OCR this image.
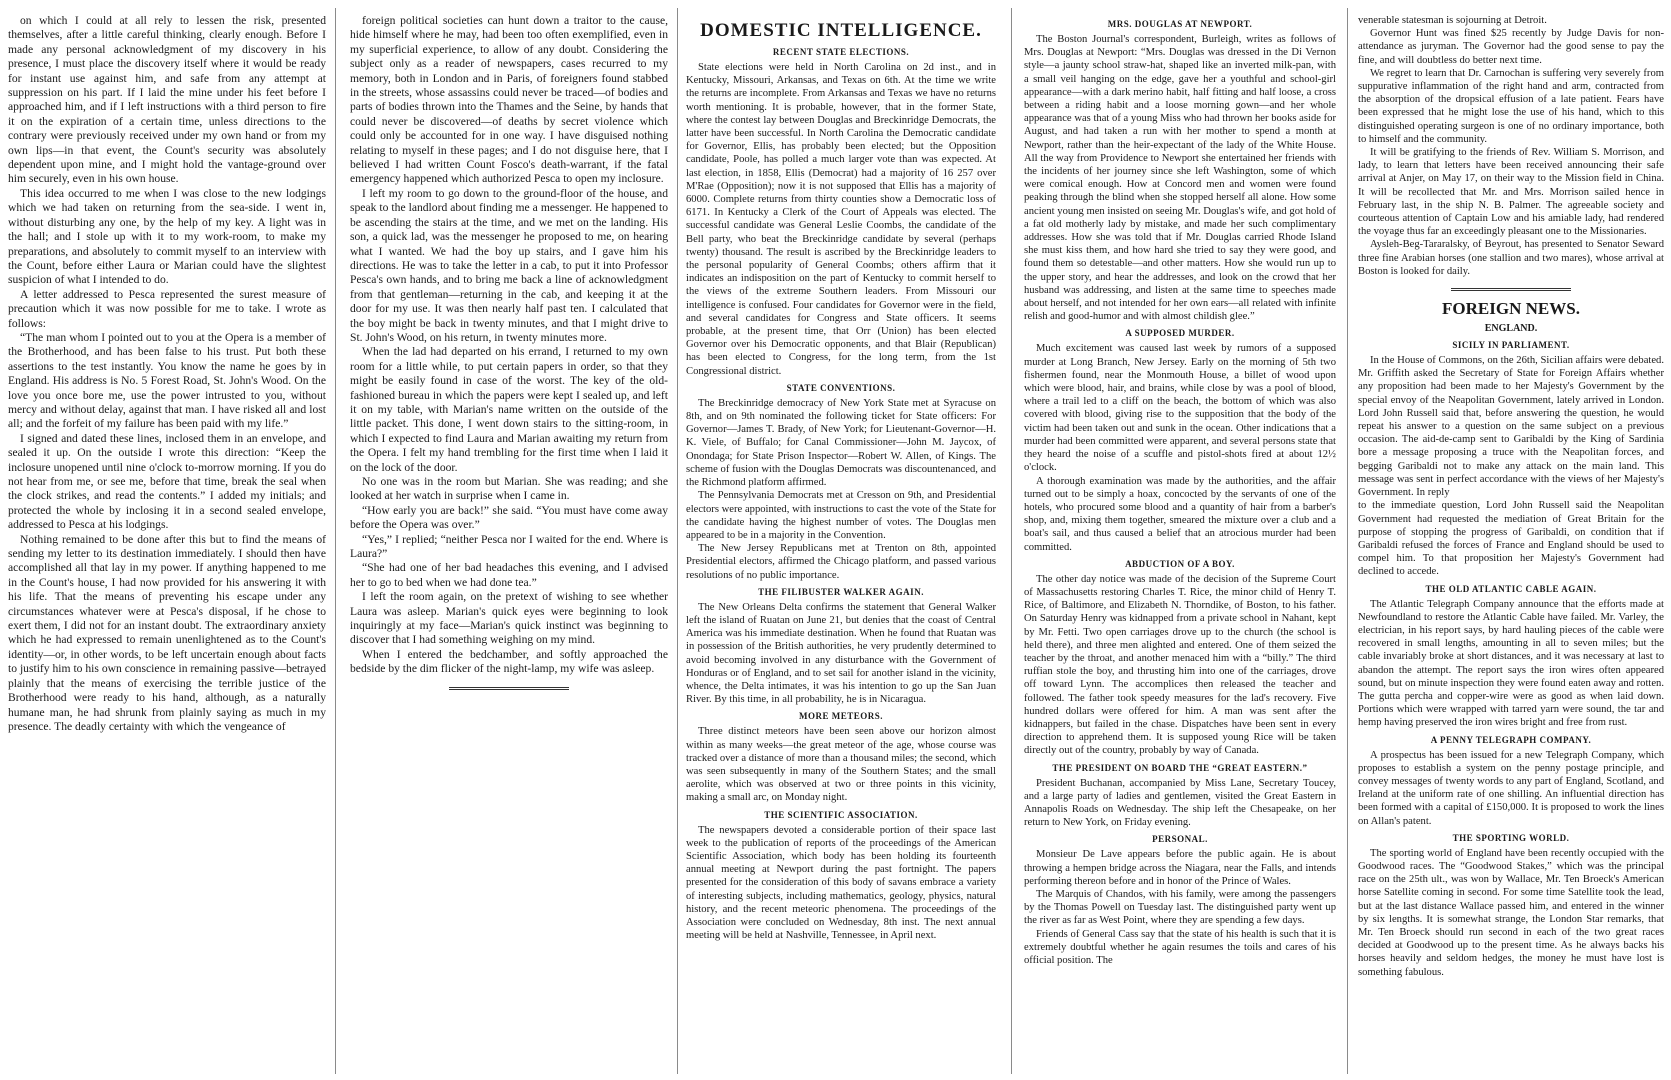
on which I could at all rely to lessen the risk, presented themselves, after a little careful thinking, clearly enough. Before I made any personal acknowledgment of my discovery in his presence, I must place the discovery itself where it would be ready for instant use against him, and safe from any attempt at suppression on his part. If I laid the mine under his feet before I approached him, and if I left instructions with a third person to fire it on the expiration of a certain time, unless directions to the contrary were previously received under my own hand or from my own lips—in that event, the Count's security was absolutely dependent upon mine, and I might hold the vantage-ground over him securely, even in his own house.

This idea occurred to me when I was close to the new lodgings which we had taken on returning from the sea-side. I went in, without disturbing any one, by the help of my key. A light was in the hall; and I stole up with it to my work-room, to make my preparations, and absolutely to commit myself to an interview with the Count, before either Laura or Marian could have the slightest suspicion of what I intended to do.

A letter addressed to Pesca represented the surest measure of precaution which it was now possible for me to take. I wrote as follows:

“The man whom I pointed out to you at the Opera is a member of the Brotherhood, and has been false to his trust. Put both these assertions to the test instantly. You know the name he goes by in England. His address is No. 5 Forest Road, St. John's Wood. On the love you once bore me, use the power intrusted to you, without mercy and without delay, against that man. I have risked all and lost all; and the forfeit of my failure has been paid with my life.”

I signed and dated these lines, inclosed them in an envelope, and sealed it up. On the outside I wrote this direction: “Keep the inclosure unopened until nine o'clock to-morrow morning. If you do not hear from me, or see me, before that time, break the seal when the clock strikes, and read the contents.” I added my initials; and protected the whole by inclosing it in a second sealed envelope, addressed to Pesca at his lodgings.

Nothing remained to be done after this but to find the means of sending my letter to its destination immediately. I should then have accomplished all that lay in my power. If anything happened to me in the Count's house, I had now provided for his answering it with his life. That the means of preventing his escape under any circumstances whatever were at Pesca's disposal, if he chose to exert them, I did not for an instant doubt. The extraordinary anxiety which he had expressed to remain unenlightened as to the Count's identity—or, in other words, to be left uncertain enough about facts to justify him to his own conscience in remaining passive—betrayed plainly that the means of exercising the terrible justice of the Brotherhood were ready to his hand, although, as a naturally humane man, he had shrunk from plainly saying as much in my presence. The deadly certainty with which the vengeance of

foreign political societies can hunt down a traitor to the cause, hide himself where he may, had been too often exemplified, even in my superficial experience, to allow of any doubt. Considering the subject only as a reader of newspapers, cases recurred to my memory, both in London and in Paris, of foreigners found stabbed in the streets, whose assassins could never be traced—of bodies and parts of bodies thrown into the Thames and the Seine, by hands that could never be discovered—of deaths by secret violence which could only be accounted for in one way. I have disguised nothing relating to myself in these pages; and I do not disguise here, that I believed I had written Count Fosco's death-warrant, if the fatal emergency happened which authorized Pesca to open my inclosure.

I left my room to go down to the ground-floor of the house, and speak to the landlord about finding me a messenger. He happened to be ascending the stairs at the time, and we met on the landing. His son, a quick lad, was the messenger he proposed to me, on hearing what I wanted. We had the boy up stairs, and I gave him his directions. He was to take the letter in a cab, to put it into Professor Pesca's own hands, and to bring me back a line of acknowledgment from that gentleman—returning in the cab, and keeping it at the door for my use. It was then nearly half past ten. I calculated that the boy might be back in twenty minutes, and that I might drive to St. John's Wood, on his return, in twenty minutes more.

When the lad had departed on his errand, I returned to my own room for a little while, to put certain papers in order, so that they might be easily found in case of the worst. The key of the old-fashioned bureau in which the papers were kept I sealed up, and left it on my table, with Marian's name written on the outside of the little packet. This done, I went down stairs to the sitting-room, in which I expected to find Laura and Marian awaiting my return from the Opera. I felt my hand trembling for the first time when I laid it on the lock of the door.

No one was in the room but Marian. She was reading; and she looked at her watch in surprise when I came in.

“How early you are back!” she said. “You must have come away before the Opera was over.”

“Yes,” I replied; “neither Pesca nor I waited for the end. Where is Laura?”

“She had one of her bad headaches this evening, and I advised her to go to bed when we had done tea.”

I left the room again, on the pretext of wishing to see whether Laura was asleep. Marian's quick eyes were beginning to look inquiringly at my face—Marian's quick instinct was beginning to discover that I had something weighing on my mind.

When I entered the bedchamber, and softly approached the bedside by the dim flicker of the night-lamp, my wife was asleep.

DOMESTIC INTELLIGENCE.
RECENT STATE ELECTIONS.

State elections were held in North Carolina on 2d inst., and in Kentucky, Missouri, Arkansas, and Texas on 6th. At the time we write the returns are incomplete. From Arkansas and Texas we have no returns worth mentioning. It is probable, however, that in the former State, where the contest lay between Douglas and Breckinridge Democrats, the latter have been successful. In North Carolina the Democratic candidate for Governor, Ellis, has probably been elected; but the Opposition candidate, Poole, has polled a much larger vote than was expected. At last election, in 1858, Ellis (Democrat) had a majority of 16 257 over M'Rae (Opposition); now it is not supposed that Ellis has a majority of 6000. Complete returns from thirty counties show a Democratic loss of 6171. In Kentucky a Clerk of the Court of Appeals was elected. The successful candidate was General Leslie Coombs, the candidate of the Bell party, who beat the Breckinridge candidate by several (perhaps twenty) thousand. The result is ascribed by the Breckinridge leaders to the personal popularity of General Coombs; others affirm that it indicates an indisposition on the part of Kentucky to commit herself to the views of the extreme Southern leaders. From Missouri our intelligence is confused. Four candidates for Governor were in the field, and several candidates for Congress and State officers. It seems probable, at the present time, that Orr (Union) has been elected Governor over his Democratic opponents, and that Blair (Republican) has been elected to Congress, for the long term, from the 1st Congressional district.

STATE CONVENTIONS.

The Breckinridge democracy of New York State met at Syracuse on 8th, and on 9th nominated the following ticket for State officers: For Governor—James T. Brady, of New York; for Lieutenant-Governor—H. K. Viele, of Buffalo; for Canal Commissioner—John M. Jaycox, of Onondaga; for State Prison Inspector—Robert W. Allen, of Kings. The scheme of fusion with the Douglas Democrats was discountenanced, and the Richmond platform affirmed.

The Pennsylvania Democrats met at Cresson on 9th, and Presidential electors were appointed, with instructions to cast the vote of the State for the candidate having the highest number of votes. The Douglas men appeared to be in a majority in the Convention.

The New Jersey Republicans met at Trenton on 8th, appointed Presidential electors, affirmed the Chicago platform, and passed various resolutions of no public importance.

THE FILIBUSTER WALKER AGAIN.

The New Orleans Delta confirms the statement that General Walker left the island of Ruatan on June 21, but denies that the coast of Central America was his immediate destination. When he found that Ruatan was in possession of the British authorities, he very prudently determined to avoid becoming involved in any disturbance with the Government of Honduras or of England, and to set sail for another island in the vicinity, whence, the Delta intimates, it was his intention to go up the San Juan River. By this time, in all probability, he is in Nicaragua.

MORE METEORS.

Three distinct meteors have been seen above our horizon almost within as many weeks—the great meteor of the age, whose course was tracked over a distance of more than a thousand miles; the second, which was seen subsequently in many of the Southern States; and the small aerolite, which was observed at two or three points in this vicinity, making a small arc, on Monday night.

THE SCIENTIFIC ASSOCIATION.

The newspapers devoted a considerable portion of their space last week to the publication of reports of the proceedings of the American Scientific Association, which body has been holding its fourteenth annual meeting at Newport during the past fortnight. The papers presented for the consideration of this body of savans embrace a variety of interesting subjects, including mathematics, geology, physics, natural history, and the recent meteoric phenomena. The proceedings of the Association were concluded on Wednesday, 8th inst. The next annual meeting will be held at Nashville, Tennessee, in April next.

MRS. DOUGLAS AT NEWPORT.

The Boston Journal's correspondent, Burleigh, writes as follows of Mrs. Douglas at Newport: “Mrs. Douglas was dressed in the Di Vernon style—a jaunty school straw-hat, shaped like an inverted milk-pan, with a small veil hanging on the edge, gave her a youthful and school-girl appearance—with a dark merino habit, half fitting and half loose, a cross between a riding habit and a loose morning gown—and her whole appearance was that of a young Miss who had thrown her books aside for August, and had taken a run with her mother to spend a month at Newport, rather than the heir-expectant of the lady of the White House. All the way from Providence to Newport she entertained her friends with the incidents of her journey since she left Washington, some of which were comical enough. How at Concord men and women were found peaking through the blind when she stopped herself all alone. How some ancient young men insisted on seeing Mr. Douglas's wife, and got hold of a fat old motherly lady by mistake, and made her such complimentary addresses. How she was told that if Mr. Douglas carried Rhode Island she must kiss them, and how hard she tried to say they were good, and found them so detestable—and other matters. How she would run up to the upper story, and hear the addresses, and look on the crowd that her husband was addressing, and listen at the same time to speeches made about herself, and not intended for her own ears—all related with infinite relish and good-humor and with almost childish glee.”

A SUPPOSED MURDER.

Much excitement was caused last week by rumors of a supposed murder at Long Branch, New Jersey. Early on the morning of 5th two fishermen found, near the Monmouth House, a billet of wood upon which were blood, hair, and brains, while close by was a pool of blood, where a trail led to a cliff on the beach, the bottom of which was also covered with blood, giving rise to the supposition that the body of the victim had been taken out and sunk in the ocean. Other indications that a murder had been committed were apparent, and several persons state that they heard the noise of a scuffle and pistol-shots fired at about 12½ o'clock.

A thorough examination was made by the authorities, and the affair turned out to be simply a hoax, concocted by the servants of one of the hotels, who procured some blood and a quantity of hair from a barber's shop, and, mixing them together, smeared the mixture over a club and a boat's sail, and thus caused a belief that an atrocious murder had been committed.

ABDUCTION OF A BOY.

The other day notice was made of the decision of the Supreme Court of Massachusetts restoring Charles T. Rice, the minor child of Henry T. Rice, of Baltimore, and Elizabeth N. Thorndike, of Boston, to his father. On Saturday Henry was kidnapped from a private school in Nahant, kept by Mr. Fetti. Two open carriages drove up to the church (the school is held there), and three men alighted and entered. One of them seized the teacher by the throat, and another menaced him with a “billy.” The third ruffian stole the boy, and thrusting him into one of the carriages, drove off toward Lynn. The accomplices then released the teacher and followed. The father took speedy measures for the lad's recovery. Five hundred dollars were offered for him. A man was sent after the kidnappers, but failed in the chase. Dispatches have been sent in every direction to apprehend them. It is supposed young Rice will be taken directly out of the country, probably by way of Canada.

THE PRESIDENT ON BOARD THE “GREAT EASTERN.”

President Buchanan, accompanied by Miss Lane, Secretary Toucey, and a large party of ladies and gentlemen, visited the Great Eastern in Annapolis Roads on Wednesday. The ship left the Chesapeake, on her return to New York, on Friday evening.

PERSONAL.

Monsieur De Lave appears before the public again. He is about throwing a hempen bridge across the Niagara, near the Falls, and intends performing thereon before and in honor of the Prince of Wales.

The Marquis of Chandos, with his family, were among the passengers by the Thomas Powell on Tuesday last. The distinguished party went up the river as far as West Point, where they are spending a few days.

Friends of General Cass say that the state of his health is such that it is extremely doubtful whether he again resumes the toils and cares of his official position. The

venerable statesman is sojourning at Detroit.

Governor Hunt was fined $25 recently by Judge Davis for non-attendance as juryman. The Governor had the good sense to pay the fine, and will doubtless do better next time.

We regret to learn that Dr. Carnochan is suffering very severely from suppurative inflammation of the right hand and arm, contracted from the absorption of the dropsical effusion of a late patient. Fears have been expressed that he might lose the use of his hand, which to this distinguished operating surgeon is one of no ordinary importance, both to himself and the community.

It will be gratifying to the friends of Rev. William S. Morrison, and lady, to learn that letters have been received announcing their safe arrival at Anjer, on May 17, on their way to the Mission field in China. It will be recollected that Mr. and Mrs. Morrison sailed hence in February last, in the ship N. B. Palmer. The agreeable society and courteous attention of Captain Low and his amiable lady, had rendered the voyage thus far an exceedingly pleasant one to the Missionaries.

Aysleh-Beg-Tararalsky, of Beyrout, has presented to Senator Seward three fine Arabian horses (one stallion and two mares), whose arrival at Boston is looked for daily.

FOREIGN NEWS.
ENGLAND.
SICILY IN PARLIAMENT.

In the House of Commons, on the 26th, Sicilian affairs were debated. Mr. Griffith asked the Secretary of State for Foreign Affairs whether any proposition had been made to her Majesty's Government by the special envoy of the Neapolitan Government, lately arrived in London. Lord John Russell said that, before answering the question, he would repeat his answer to a question on the same subject on a previous occasion. The aid-de-camp sent to Garibaldi by the King of Sardinia bore a message proposing a truce with the Neapolitan forces, and begging Garibaldi not to make any attack on the main land. This message was sent in perfect accordance with the views of her Majesty's Government. In reply

to the immediate question, Lord John Russell said the Neapolitan Government had requested the mediation of Great Britain for the purpose of stopping the progress of Garibaldi, on condition that if Garibaldi refused the forces of France and England should be used to compel him. To that proposition her Majesty's Government had declined to accede.

THE OLD ATLANTIC CABLE AGAIN.

The Atlantic Telegraph Company announce that the efforts made at Newfoundland to restore the Atlantic Cable have failed. Mr. Varley, the electrician, in his report says, by hard hauling pieces of the cable were recovered in small lengths, amounting in all to seven miles; but the cable invariably broke at short distances, and it was necessary at last to abandon the attempt. The report says the iron wires often appeared sound, but on minute inspection they were found eaten away and rotten. The gutta percha and copper-wire were as good as when laid down. Portions which were wrapped with tarred yarn were sound, the tar and hemp having preserved the iron wires bright and free from rust.

A PENNY TELEGRAPH COMPANY.

A prospectus has been issued for a new Telegraph Company, which proposes to establish a system on the penny postage principle, and convey messages of twenty words to any part of England, Scotland, and Ireland at the uniform rate of one shilling. An influential direction has been formed with a capital of £150,000. It is proposed to work the lines on Allan's patent.

THE SPORTING WORLD.

The sporting world of England have been recently occupied with the Goodwood races. The “Goodwood Stakes,” which was the principal race on the 25th ult., was won by Wallace, Mr. Ten Broeck's American horse Satellite coming in second. For some time Satellite took the lead, but at the last distance Wallace passed him, and entered in the winner by six lengths. It is somewhat strange, the London Star remarks, that Mr. Ten Broeck should run second in each of the two great races decided at Goodwood up to the present time. As he always backs his horses heavily and seldom hedges, the money he must have lost is something fabulous.
